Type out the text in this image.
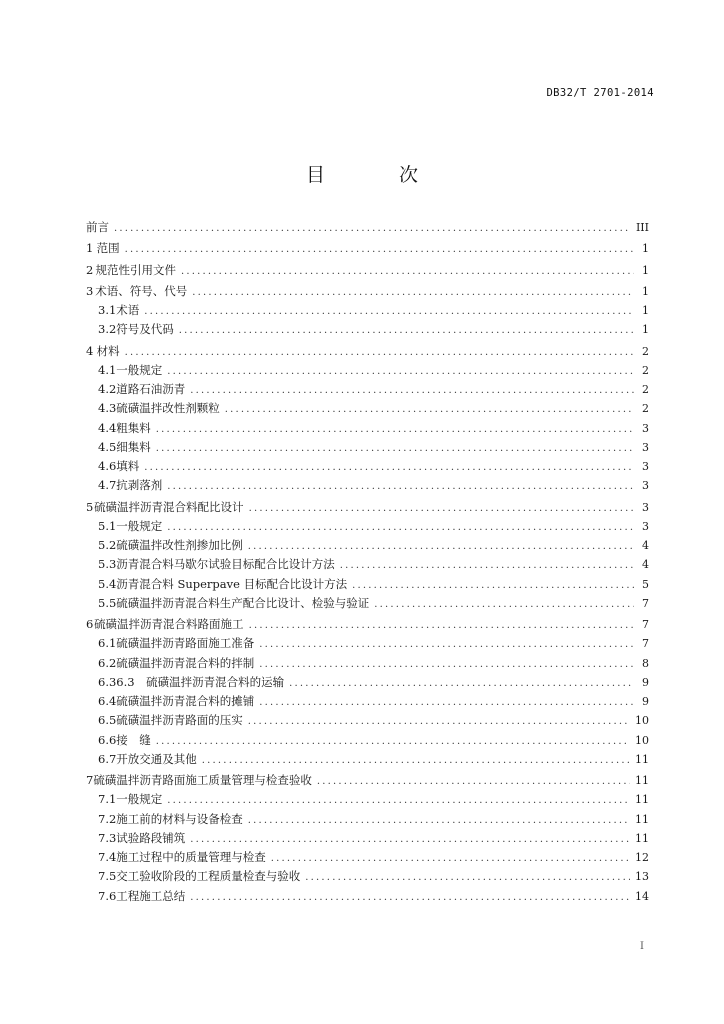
DB32/T 2701-2014
目 次
前言 .....	III
1 范围 .....	1
2 规范性引用文件 .....	1
3 术语、符号、代号 .....	1
3.1 术语 .....	1
3.2 符号及代码 .....	1
4 材料 .....	2
4.1 一般规定 .....	2
4.2 道路石油沥青 .....	2
4.3 硫磺温拌改性剂颗粒 .....	2
4.4 粗集料 .....	3
4.5 细集料 .....	3
4.6 填料 .....	3
4.7 抗剥落剂 .....	3
5 硫磺温拌沥青混合料配比设计 .....	3
5.1 一般规定 .....	3
5.2 硫磺温拌改性剂掺加比例 .....	4
5.3 沥青混合料马歇尔试验目标配合比设计方法 .....	4
5.4 沥青混合料 Superpave 目标配合比设计方法 .....	5
5.5 硫磺温拌沥青混合料生产配合比设计、检验与验证 .....	7
6 硫磺温拌沥青混合料路面施工 .....	7
6.1 硫磺温拌沥青路面施工准备 .....	7
6.2 硫磺温拌沥青混合料的拌制 .....	8
6.3 6.3　硫磺温拌沥青混合料的运输 .....	9
6.4 硫磺温拌沥青混合料的摊铺 .....	9
6.5 硫磺温拌沥青路面的压实 .....	10
6.6 接　缝 .....	10
6.7 开放交通及其他 .....	11
7 硫磺温拌沥青路面施工质量管理与检查验收 .....	11
7.1 一般规定 .....	11
7.2 施工前的材料与设备检查 .....	11
7.3 试验路段铺筑 .....	11
7.4 施工过程中的质量管理与检查 .....	12
7.5 交工验收阶段的工程质量检查与验收 .....	13
7.6 工程施工总结 .....	14
I
